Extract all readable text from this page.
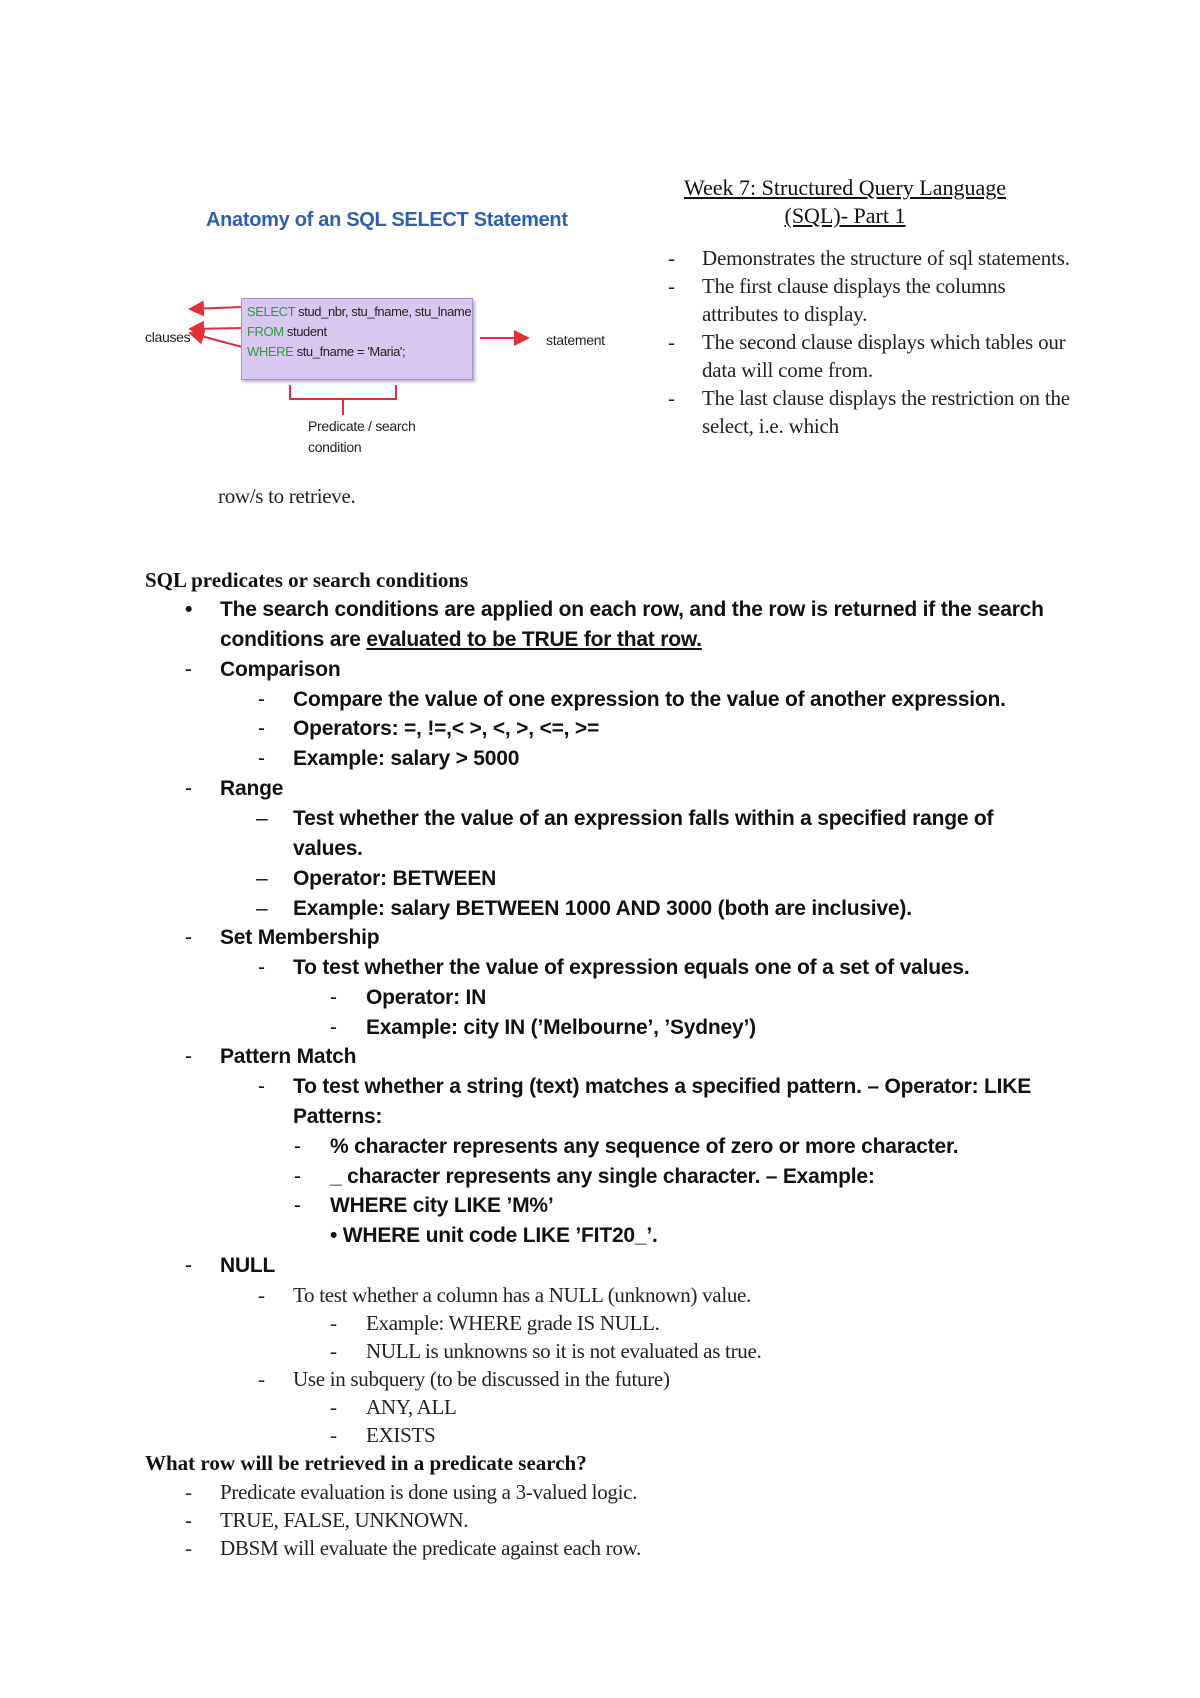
Anatomy of an SQL SELECT Statement
SELECT stud_nbr, stu_fname, stu_lname
FROM student
WHERE stu_fname = 'Maria';
clauses	statement
Predicate / search
condition
Week 7: Structured Query Language
(SQL)- Part 1
- Demonstrates the structure of sql statements.
- The first clause displays the columns attributes to display.
- The second clause displays which tables our data will come from.
- The last clause displays the restriction on the select, i.e. which
row/s to retrieve.
SQL predicates or search conditions
• The search conditions are applied on each row, and the row is returned if the search
conditions are evaluated to be TRUE for that row.
- Comparison
- Compare the value of one expression to the value of another expression.
- Operators: =, !=,< >, <, >, <=, >=
- Example: salary > 5000
- Range
– Test whether the value of an expression falls within a specified range of
values.
– Operator: BETWEEN
– Example: salary BETWEEN 1000 AND 3000 (both are inclusive).
- Set Membership
- To test whether the value of expression equals one of a set of values.
- Operator: IN
- Example: city IN (’Melbourne’, ’Sydney’)
- Pattern Match
- To test whether a string (text) matches a specified pattern. – Operator: LIKE
Patterns:
- % character represents any sequence of zero or more character.
- _ character represents any single character. – Example:
- WHERE city LIKE ’M%’
• WHERE unit code LIKE ’FIT20_’.
- NULL
- To test whether a column has a NULL (unknown) value.
- Example: WHERE grade IS NULL.
- NULL is unknowns so it is not evaluated as true.
- Use in subquery (to be discussed in the future)
- ANY, ALL
- EXISTS
What row will be retrieved in a predicate search?
- Predicate evaluation is done using a 3-valued logic.
- TRUE, FALSE, UNKNOWN.
- DBSM will evaluate the predicate against each row.
